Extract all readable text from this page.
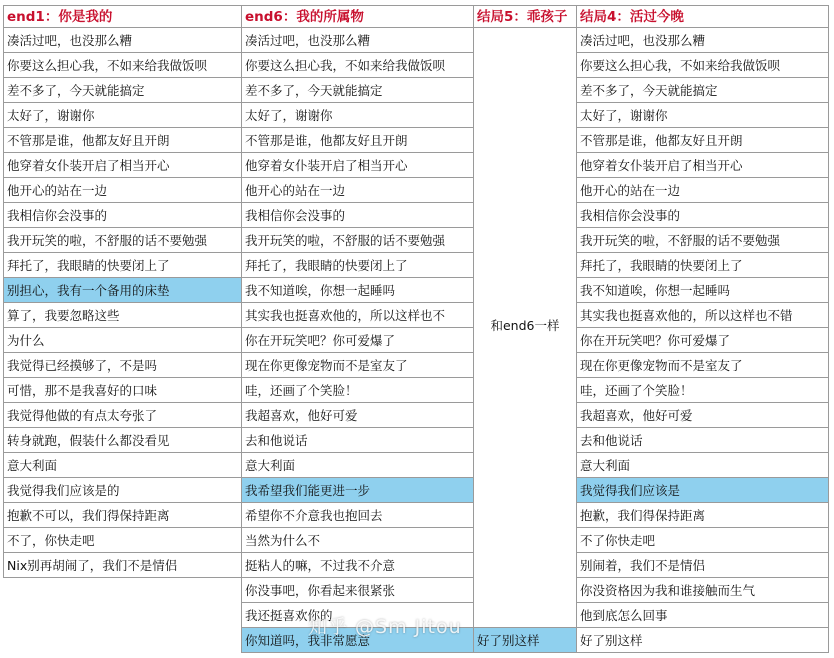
end1：你是我的
凑活过吧，也没那么糟
你要这么担心我，不如来给我做饭呗
差不多了，今天就能搞定
太好了，谢谢你
不管那是谁，他都友好且开朗
他穿着女仆装开启了相当开心
他开心的站在一边
我相信你会没事的
我开玩笑的啦，不舒服的话不要勉强
拜托了，我眼睛的快要闭上了
别担心，我有一个备用的床垫
算了，我要忽略这些
为什么
我觉得已经摸够了，不是吗
可惜，那不是我喜好的口味
我觉得他做的有点太夸张了
转身就跑，假装什么都没看见
意大利面
我觉得我们应该是的
抱歉不可以，我们得保持距离
不了，你快走吧
Nix别再胡闹了，我们不是情侣
end6：我的所属物
凑活过吧，也没那么糟
你要这么担心我，不如来给我做饭呗
差不多了，今天就能搞定
太好了，谢谢你
不管那是谁，他都友好且开朗
他穿着女仆装开启了相当开心
他开心的站在一边
我相信你会没事的
我开玩笑的啦，不舒服的话不要勉强
拜托了，我眼睛的快要闭上了
我不知道唉，你想一起睡吗
其实我也挺喜欢他的，所以这样也不
你在开玩笑吧？你可爱爆了
现在你更像宠物而不是室友了
哇，还画了个笑脸！
我超喜欢，他好可爱
去和他说话
意大利面
我希望我们能更进一步
希望你不介意我也抱回去
当然为什么不
挺粘人的嘛，不过我不介意
你没事吧，你看起来很紧张
我还挺喜欢你的
你知道吗，我非常愿意
结局5：乖孩子
和end6一样
好了别这样
结局4：活过今晚
凑活过吧，也没那么糟
你要这么担心我，不如来给我做饭呗
差不多了，今天就能搞定
太好了，谢谢你
不管那是谁，他都友好且开朗
他穿着女仆装开启了相当开心
他开心的站在一边
我相信你会没事的
我开玩笑的啦，不舒服的话不要勉强
拜托了，我眼睛的快要闭上了
我不知道唉，你想一起睡吗
其实我也挺喜欢他的，所以这样也不错
你在开玩笑吧？你可爱爆了
现在你更像宠物而不是室友了
哇，还画了个笑脸！
我超喜欢，他好可爱
去和他说话
意大利面
我觉得我们应该是
抱歉，我们得保持距离
不了你快走吧
别闹着，我们不是情侣
你没资格因为我和谁接触而生气
他到底怎么回事
好了别这样
知乎 @Sm Jitou
